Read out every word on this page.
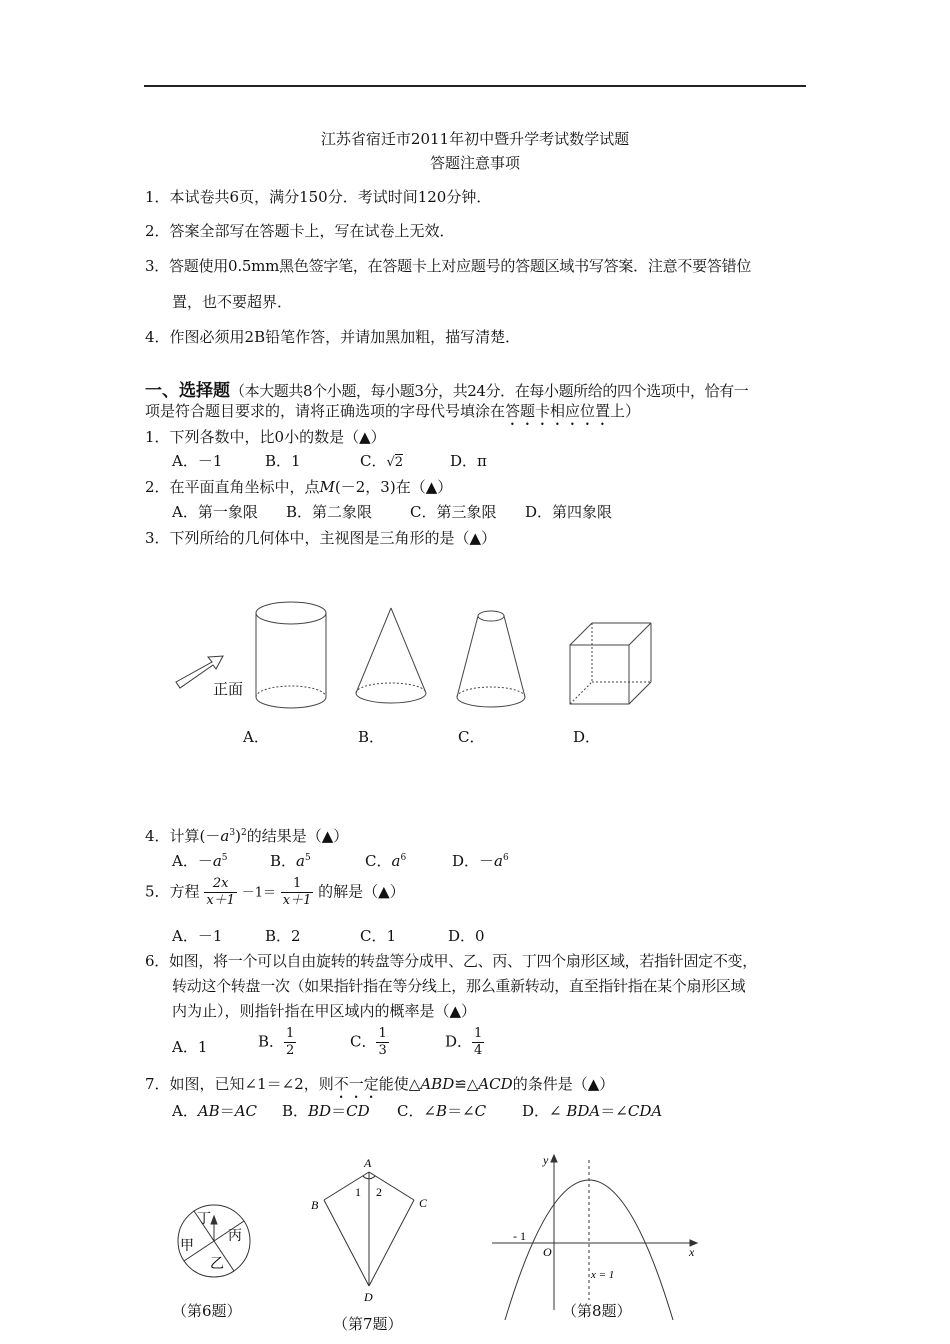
江苏省宿迁市2011年初中暨升学考试数学试题
答题注意事项
1．本试卷共6页，满分150分．考试时间120分钟．
2．答案全部写在答题卡上，写在试卷上无效．
3．答题使用0.5mm黑色签字笔，在答题卡上对应题号的答题区域书写答案．注意不要答错位
置，也不要超界．
4．作图必须用2B铅笔作答，并请加黑加粗，描写清楚．
一、选择题（本大题共8个小题，每小题3分，共24分．在每小题所给的四个选项中，恰有一
项是符合题目要求的，请将正确选项的字母代号填涂在答题卡相应位置上）
1．下列各数中，比0小的数是（▲）
A．－1	B．1	C．√2	D．π
2．在平面直角坐标中，点M(－2，3)在（▲）
A．第一象限 B．第二象限	C．第三象限 D．第四象限
3．下列所给的几何体中，主视图是三角形的是（▲）
正面
A．	B．	C．	D．
4．计算$(-a^3)^2$的结果是（▲）
A．$-a^5$	B．$a^5$	C．$a^6$	D．$-a^6$
5．方程 $\frac{2x}{x+1} -1= \frac{1}{x+1}$ 的解是（▲）
A．－1	B．2	C．1	D．0
6．如图，将一个可以自由旋转的转盘等分成甲、乙、丙、丁四个扇形区域，若指针固定不变，
转动这个转盘一次（如果指针指在等分线上，那么重新转动，直至指针指在某个扇形区域
内为止），则指针指在甲区域内的概率是（▲）
A．1	B． $\frac{1}{2}$	C． $\frac{1}{3}$	D． $\frac{1}{4}$
7．如图，已知∠1＝∠2，则不一定能使△ABD≌△ACD的条件是（▲）
A．AB＝AC B．BD＝CD C．∠B＝∠C D．∠ BDA＝∠CDA
丁
丙
甲
乙
A
B	C
D
1 2
y
x
O
- 1
x = 1
（第6题）
（第7题）
（第8题）
